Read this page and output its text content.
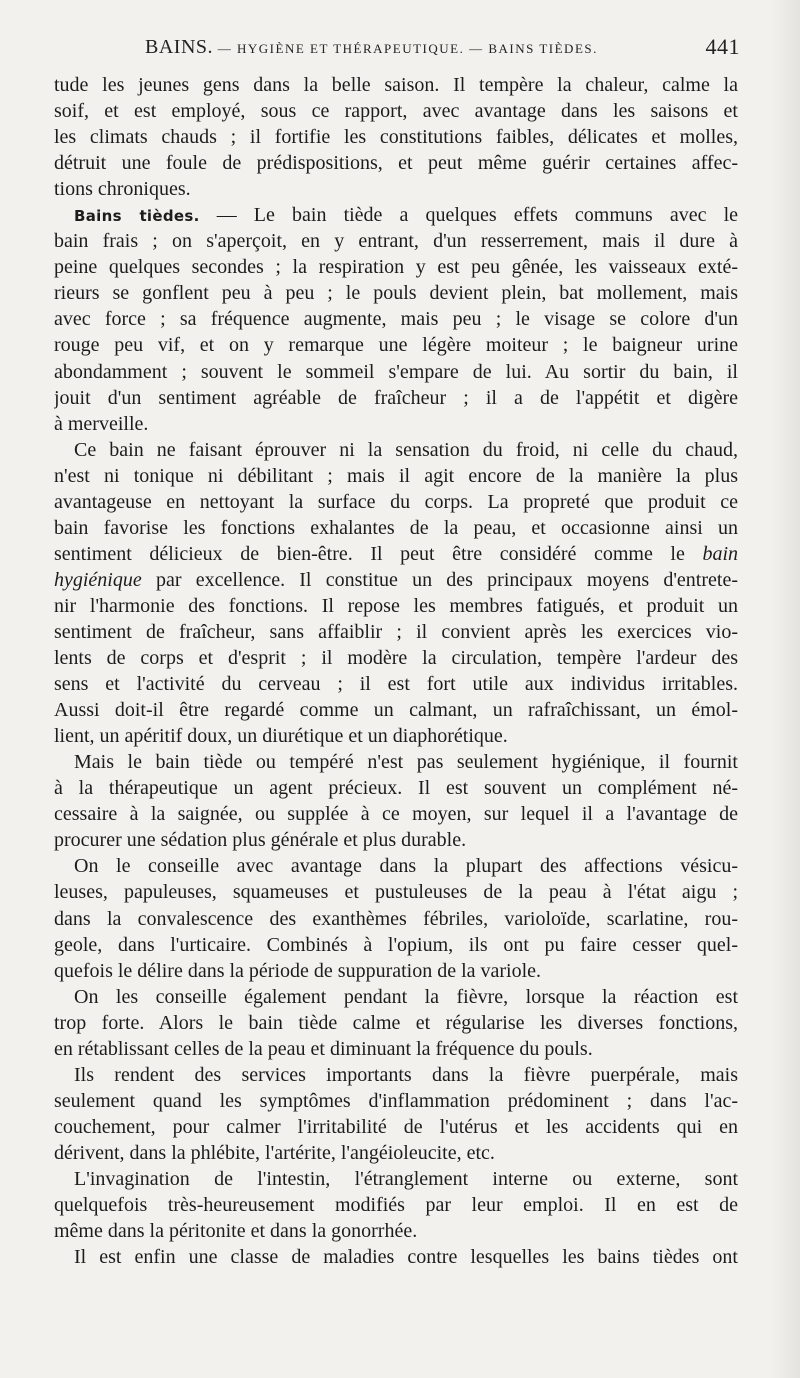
BAINS. — HYGIÈNE ET THÉRAPEUTIQUE. — BAINS TIÈDES.	441
tude les jeunes gens dans la belle saison. Il tempère la chaleur, calme la
soif, et est employé, sous ce rapport, avec avantage dans les saisons et
les climats chauds ; il fortifie les constitutions faibles, délicates et molles,
détruit une foule de prédispositions, et peut même guérir certaines affec-
tions chroniques.
Bains tièdes. — Le bain tiède a quelques effets communs avec le
bain frais ; on s'aperçoit, en y entrant, d'un resserrement, mais il dure à
peine quelques secondes ; la respiration y est peu gênée, les vaisseaux exté-
rieurs se gonflent peu à peu ; le pouls devient plein, bat mollement, mais
avec force ; sa fréquence augmente, mais peu ; le visage se colore d'un
rouge peu vif, et on y remarque une légère moiteur ; le baigneur urine
abondamment ; souvent le sommeil s'empare de lui. Au sortir du bain, il
jouit d'un sentiment agréable de fraîcheur ; il a de l'appétit et digère
à merveille.
Ce bain ne faisant éprouver ni la sensation du froid, ni celle du chaud,
n'est ni tonique ni débilitant ; mais il agit encore de la manière la plus
avantageuse en nettoyant la surface du corps. La propreté que produit ce
bain favorise les fonctions exhalantes de la peau, et occasionne ainsi un
sentiment délicieux de bien-être. Il peut être considéré comme le bain
hygiénique par excellence. Il constitue un des principaux moyens d'entrete-
nir l'harmonie des fonctions. Il repose les membres fatigués, et produit un
sentiment de fraîcheur, sans affaiblir ; il convient après les exercices vio-
lents de corps et d'esprit ; il modère la circulation, tempère l'ardeur des
sens et l'activité du cerveau ; il est fort utile aux individus irritables.
Aussi doit-il être regardé comme un calmant, un rafraîchissant, un émol-
lient, un apéritif doux, un diurétique et un diaphorétique.
Mais le bain tiède ou tempéré n'est pas seulement hygiénique, il fournit
à la thérapeutique un agent précieux. Il est souvent un complément né-
cessaire à la saignée, ou supplée à ce moyen, sur lequel il a l'avantage de
procurer une sédation plus générale et plus durable.
On le conseille avec avantage dans la plupart des affections vésicu-
leuses, papuleuses, squameuses et pustuleuses de la peau à l'état aigu ;
dans la convalescence des exanthèmes fébriles, varioloïde, scarlatine, rou-
geole, dans l'urticaire. Combinés à l'opium, ils ont pu faire cesser quel-
quefois le délire dans la période de suppuration de la variole.
On les conseille également pendant la fièvre, lorsque la réaction est
trop forte. Alors le bain tiède calme et régularise les diverses fonctions,
en rétablissant celles de la peau et diminuant la fréquence du pouls.
Ils rendent des services importants dans la fièvre puerpérale, mais
seulement quand les symptômes d'inflammation prédominent ; dans l'ac-
couchement, pour calmer l'irritabilité de l'utérus et les accidents qui en
dérivent, dans la phlébite, l'artérite, l'angéioleucite, etc.
L'invagination de l'intestin, l'étranglement interne ou externe, sont
quelquefois très-heureusement modifiés par leur emploi. Il en est de
même dans la péritonite et dans la gonorrhée.
Il est enfin une classe de maladies contre lesquelles les bains tièdes ont
